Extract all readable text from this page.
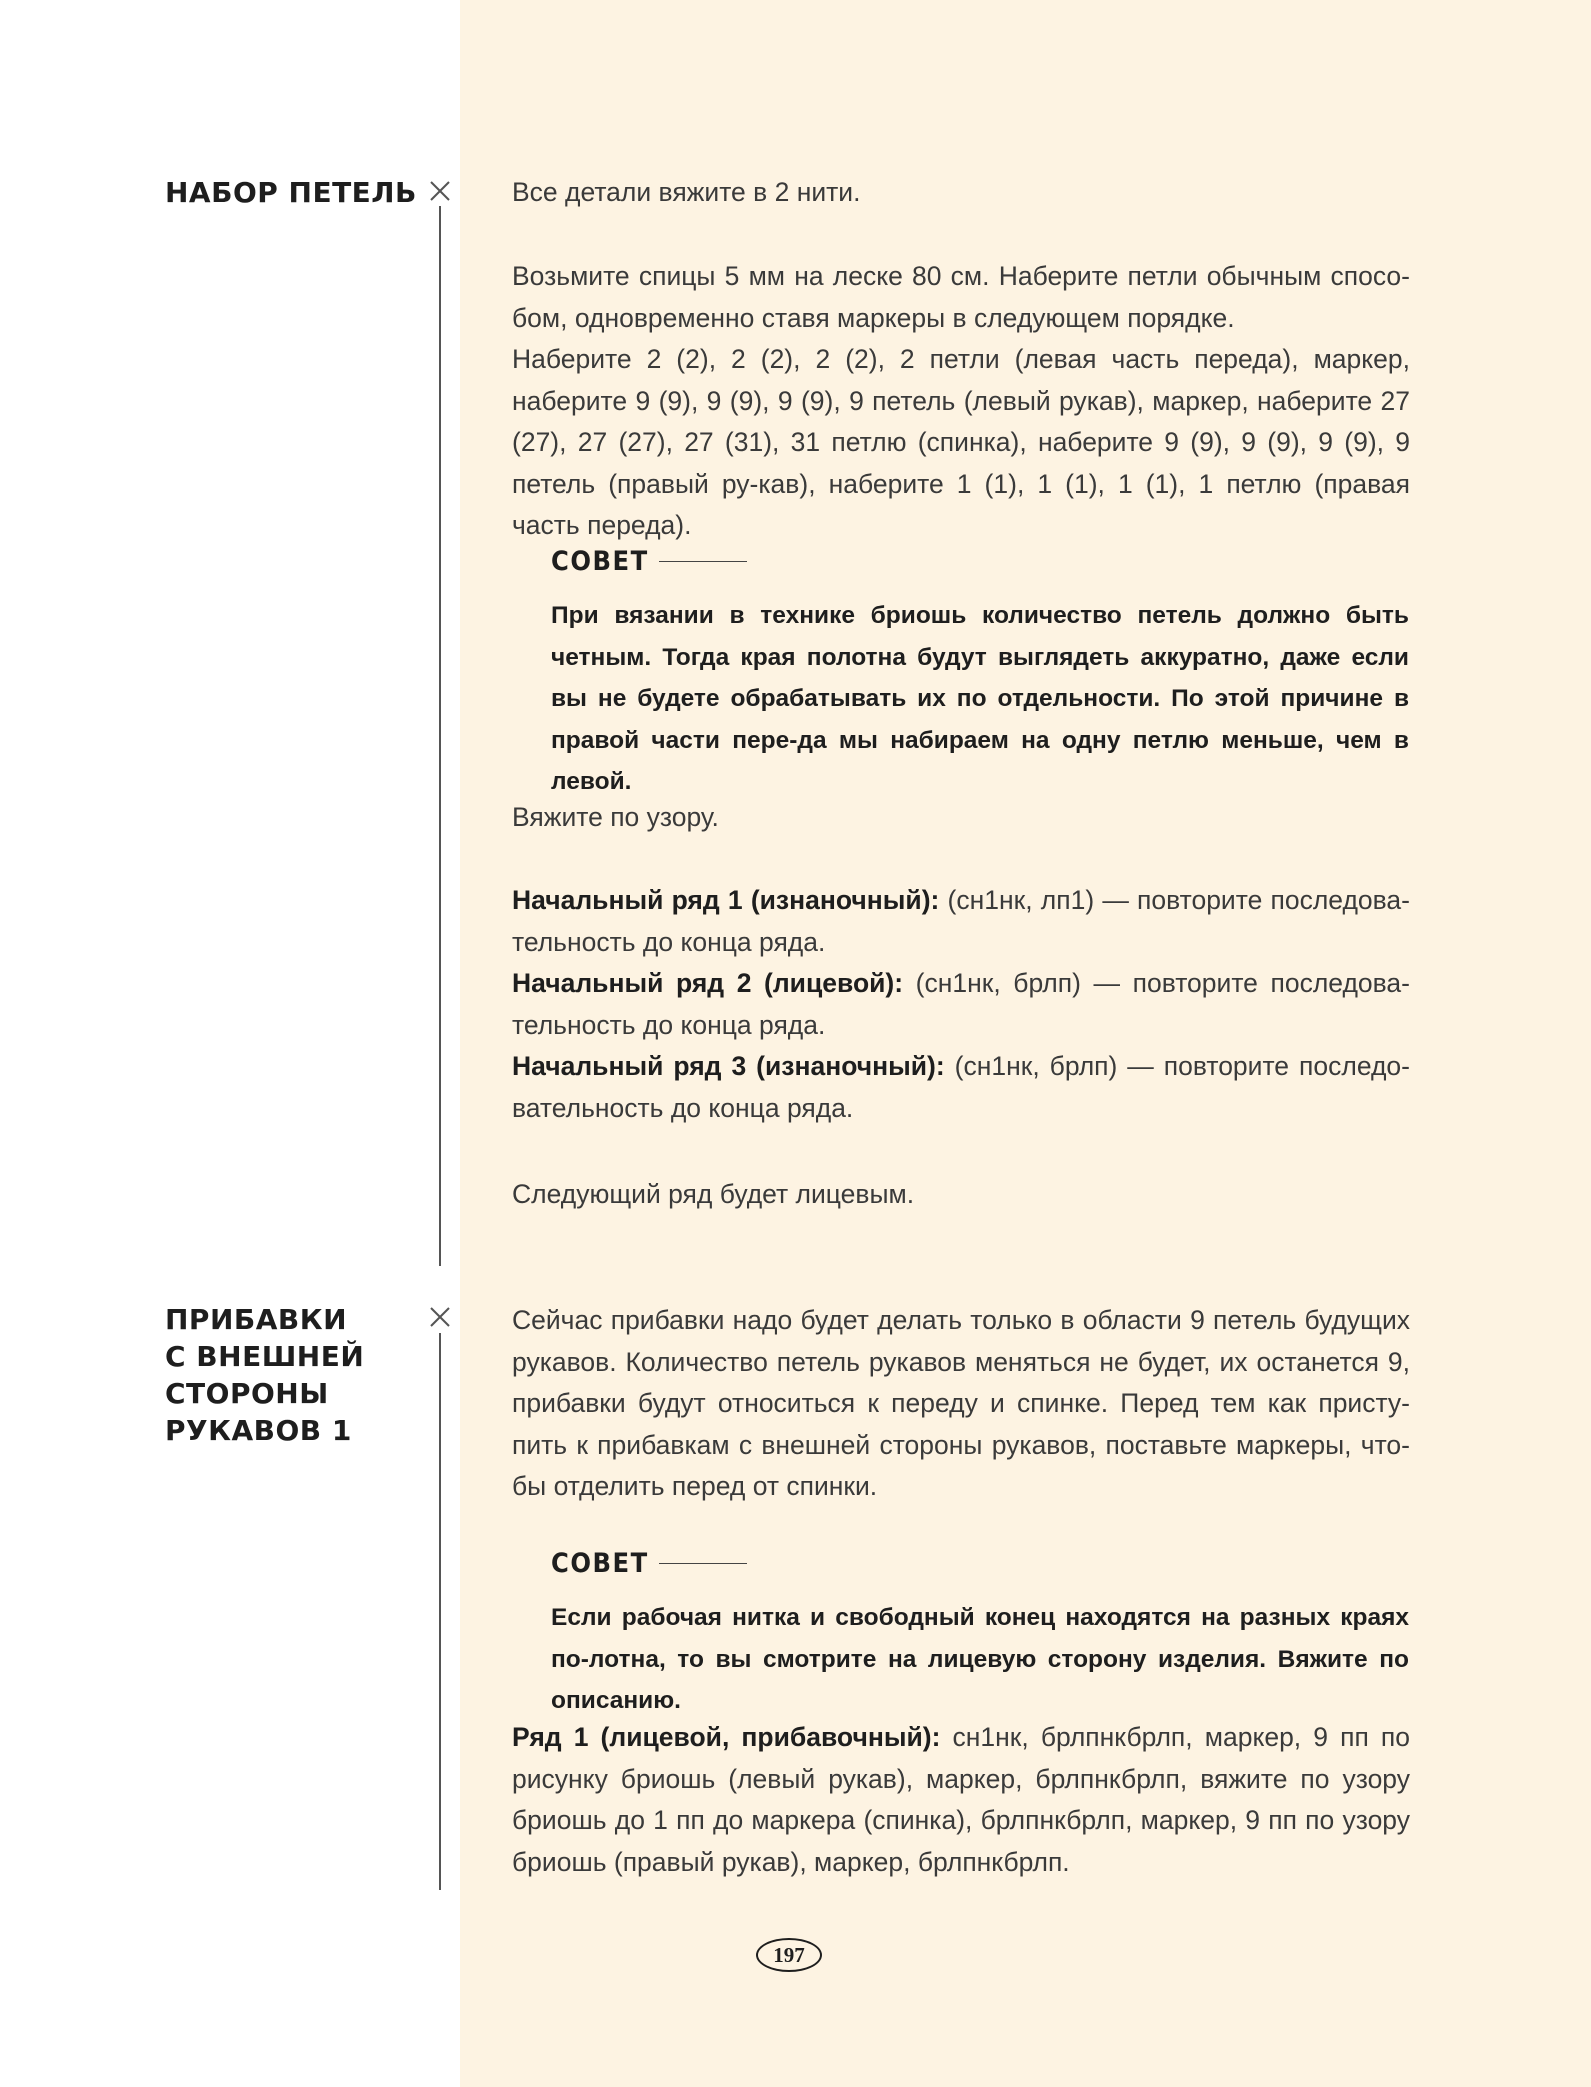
НАБОР ПЕТЕЛЬ	Все детали вяжите в 2 нити.

Возьмите спицы 5 мм на леске 80 см. Наберите петли обычным спосо-бом, одновременно ставя маркеры в следующем порядке.
Наберите 2 (2), 2 (2), 2 (2), 2 петли (левая часть переда), маркер, наберите 9 (9), 9 (9), 9 (9), 9 петель (левый рукав), маркер, наберите 27 (27), 27 (27), 27 (31), 31 петлю (спинка), наберите 9 (9), 9 (9), 9 (9), 9 петель (правый ру-кав), наберите 1 (1), 1 (1), 1 (1), 1 петлю (правая часть переда).

СОВЕТ

При вязании в технике бриошь количество петель должно быть четным. Тогда края полотна будут выглядеть аккуратно, даже если вы не будете обрабатывать их по отдельности. По этой причине в правой части пере-да мы набираем на одну петлю меньше, чем в левой.

Вяжите по узору.

Начальный ряд 1 (изнаночный): (сн1нк, лп1) — повторите последова-тельность до конца ряда.

Начальный ряд 2 (лицевой): (сн1нк, брлп) — повторите последова-тельность до конца ряда.

Начальный ряд 3 (изнаночный): (сн1нк, брлп) — повторите последо-вательность до конца ряда.

Следующий ряд будет лицевым.

ПРИБАВКИ
С ВНЕШНЕЙ
СТОРОНЫ
РУКАВОВ 1

Сейчас прибавки надо будет делать только в области 9 петель будущих рукавов. Количество петель рукавов меняться не будет, их останется 9, прибавки будут относиться к переду и спинке. Перед тем как присту-пить к прибавкам с внешней стороны рукавов, поставьте маркеры, что-бы отделить перед от спинки.

СОВЕТ

Если рабочая нитка и свободный конец находятся на разных краях по-лотна, то вы смотрите на лицевую сторону изделия. Вяжите по описанию.

Ряд 1 (лицевой, прибавочный): сн1нк, брлпнкбрлп, маркер, 9 пп по рисунку бриошь (левый рукав), маркер, брлпнкбрлп, вяжите по узору бриошь до 1 пп до маркера (спинка), брлпнкбрлп, маркер, 9 пп по узору бриошь (правый рукав), маркер, брлпнкбрлп.

197
